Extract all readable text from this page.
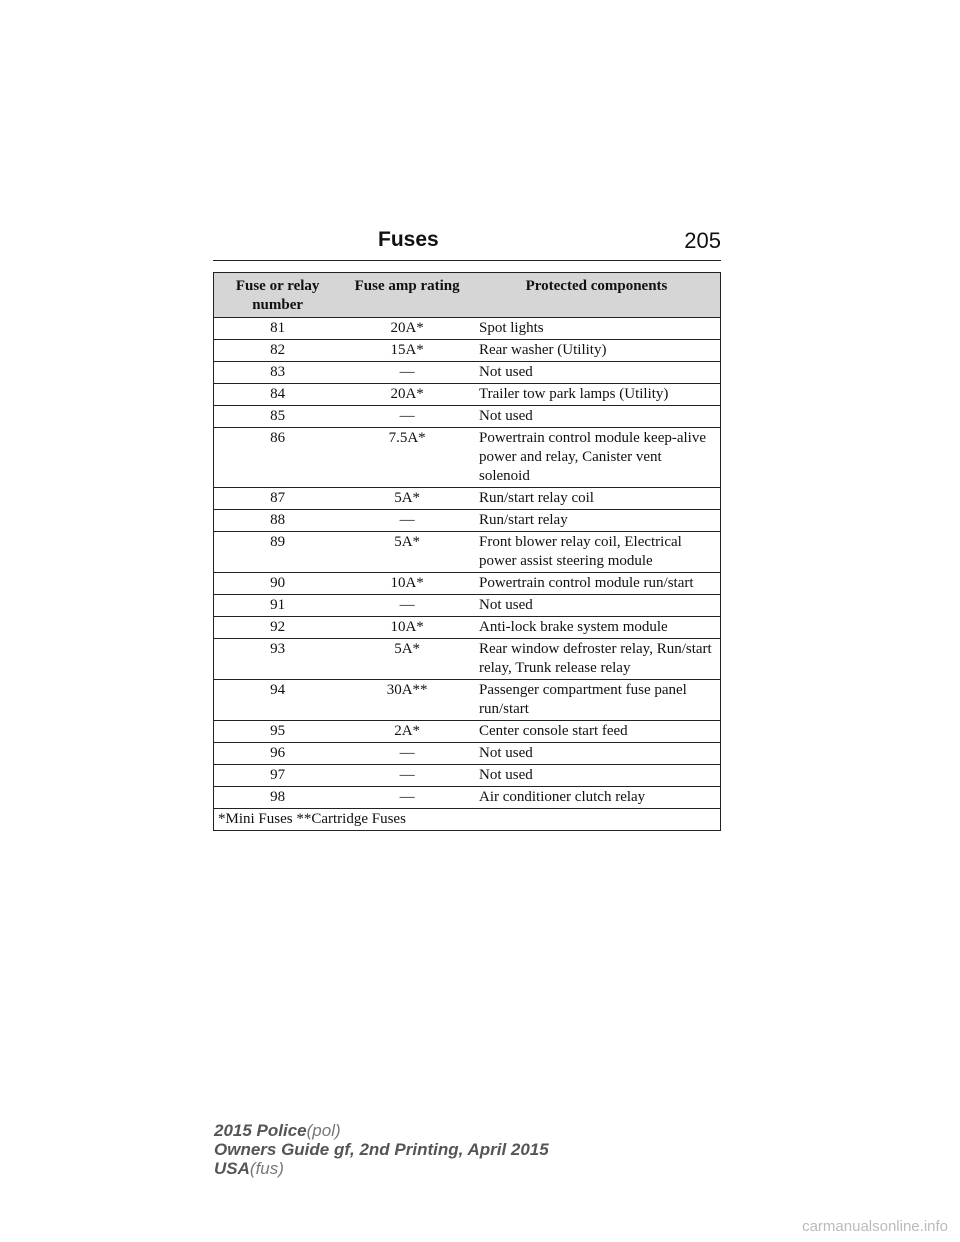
Fuses	205
Fuse or relay number	Fuse amp rating	Protected components
81	20A*	Spot lights
82	15A*	Rear washer (Utility)
83	—	Not used
84	20A*	Trailer tow park lamps (Utility)
85	—	Not used
86	7.5A*	Powertrain control module keep-alive power and relay, Canister vent solenoid
87	5A*	Run/start relay coil
88	—	Run/start relay
89	5A*	Front blower relay coil, Electrical power assist steering module
90	10A*	Powertrain control module run/start
91	—	Not used
92	10A*	Anti-lock brake system module
93	5A*	Rear window defroster relay, Run/start relay, Trunk release relay
94	30A**	Passenger compartment fuse panel run/start
95	2A*	Center console start feed
96	—	Not used
97	—	Not used
98	—	Air conditioner clutch relay
*Mini Fuses **Cartridge Fuses		
2015 Police(pol)
Owners Guide gf, 2nd Printing, April 2015
USA(fus)
carmanualsonline.info
